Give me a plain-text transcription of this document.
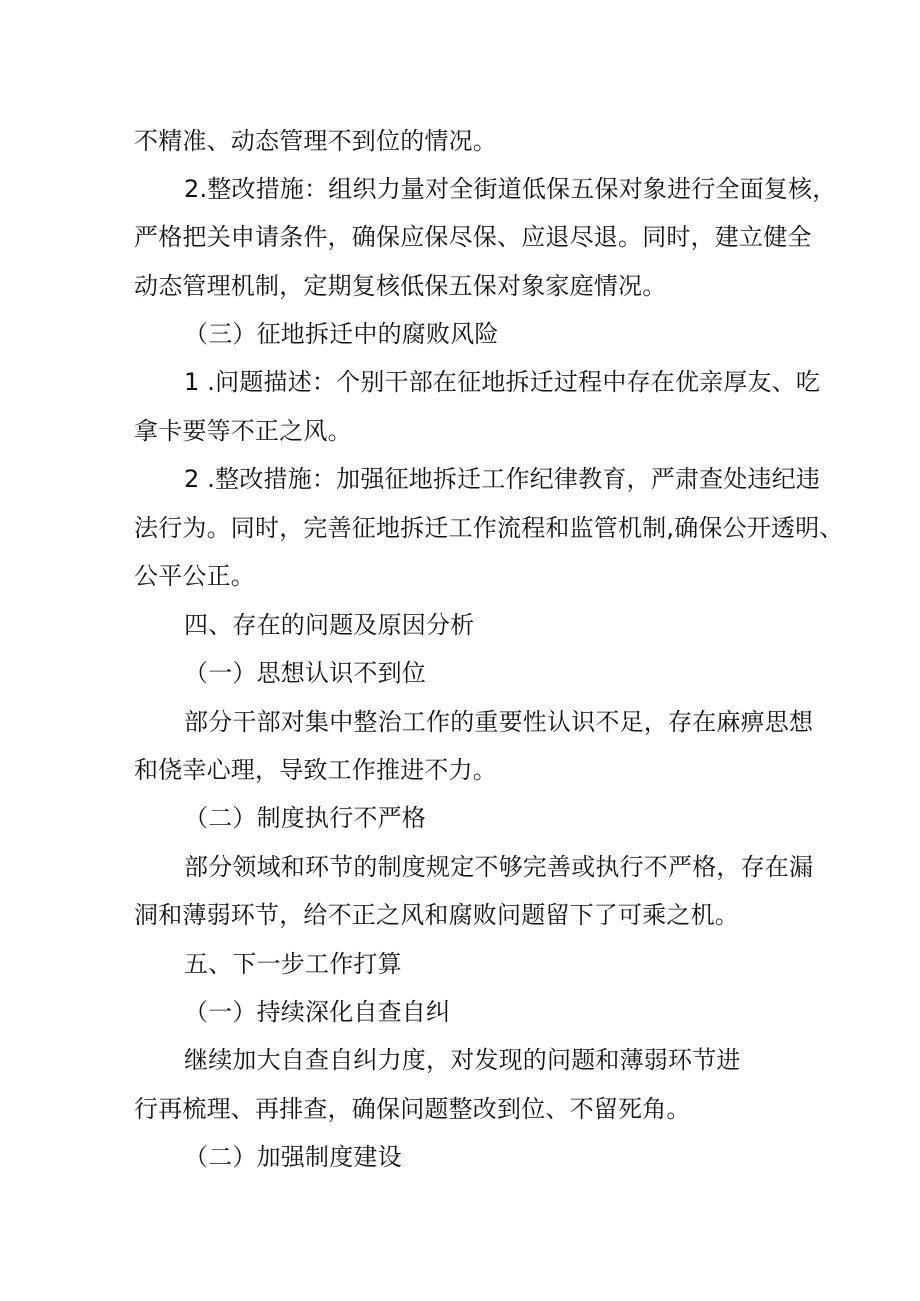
不精准、动态管理不到位的情况。
2.整改措施：组织力量对全街道低保五保对象进行全面复核，
严格把关申请条件，确保应保尽保、应退尽退。同时，建立健全
动态管理机制，定期复核低保五保对象家庭情况。
（三）征地拆迁中的腐败风险
1 .问题描述：个别干部在征地拆迁过程中存在优亲厚友、吃
拿卡要等不正之风。
2 .整改措施：加强征地拆迁工作纪律教育，严肃查处违纪违
法行为。同时，完善征地拆迁工作流程和监管机制,确保公开透明、
公平公正。
四、存在的问题及原因分析
（一）思想认识不到位
部分干部对集中整治工作的重要性认识不足，存在麻痹思想
和侥幸心理，导致工作推进不力。
（二）制度执行不严格
部分领域和环节的制度规定不够完善或执行不严格，存在漏
洞和薄弱环节，给不正之风和腐败问题留下了可乘之机。
五、下一步工作打算
（一）持续深化自查自纠
继续加大自查自纠力度，对发现的问题和薄弱环节进
行再梳理、再排查，确保问题整改到位、不留死角。
（二）加强制度建设
